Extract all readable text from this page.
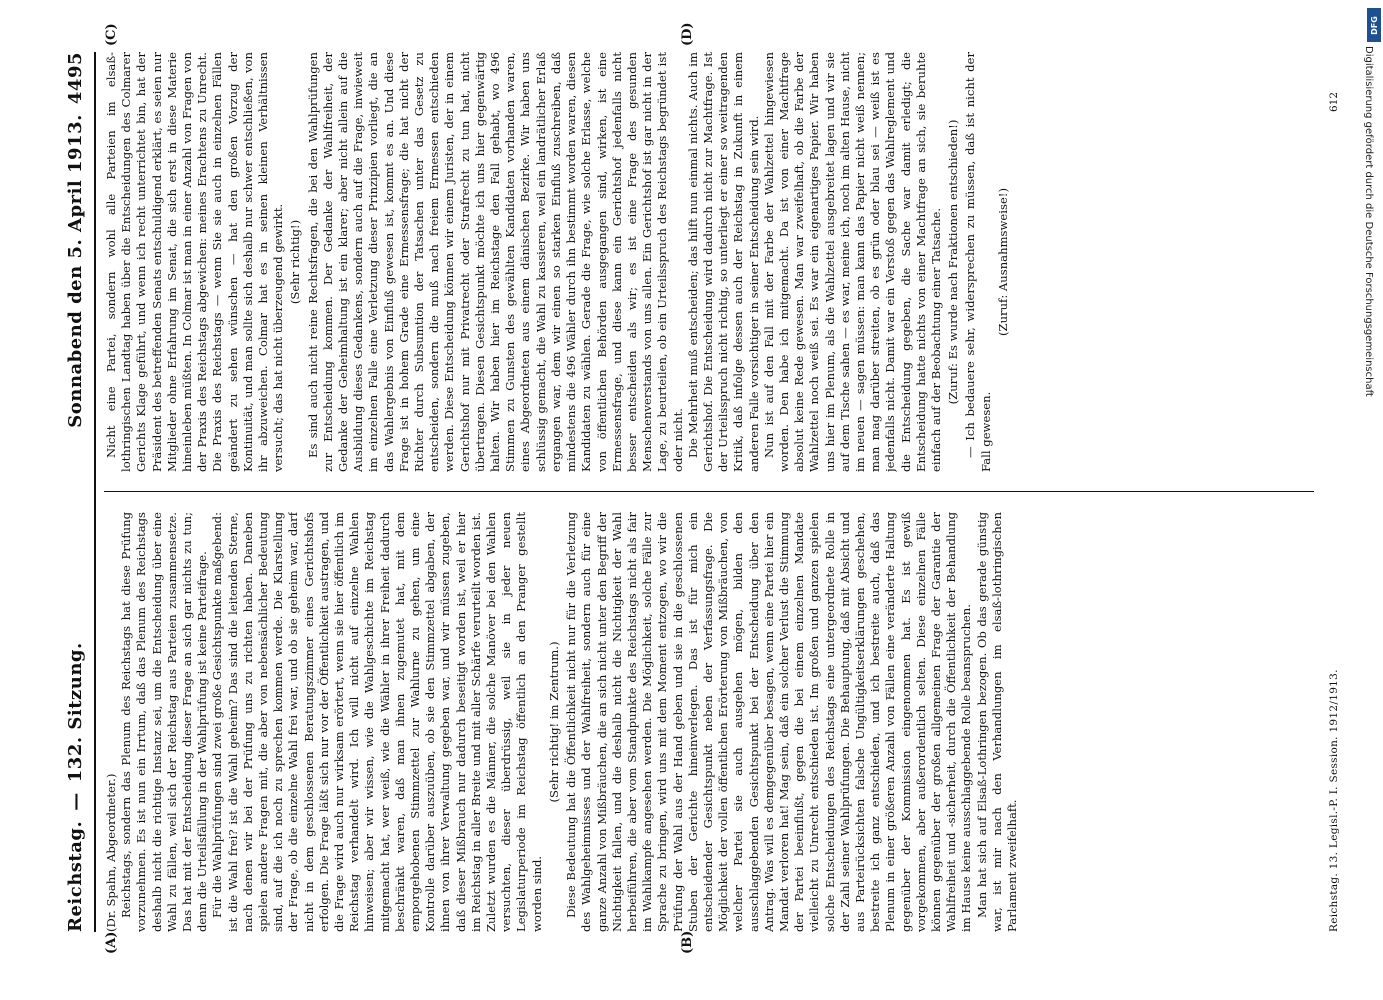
Reichstag.
—
132. Sitzung.
Sonnabend den 5. April 1913.
4495
(A)	(B)
(C)	(D)

(Dr. Spahn, Abgeordneter.) Reichstags, sondern das Plenum des Reichstags hat diese Prüfung vorzunehmen. Es ist nun ein Irrtum, daß das Plenum des Reichstags deshalb nicht die richtige Instanz sei, um die Entscheidung über eine Wahl zu fällen, weil sich der Reichstag aus Parteien zusammensetze. Das hat mit der Entscheidung dieser Frage an sich gar nichts zu tun; denn die Urteilsfällung in der Wahlprüfung ist keine Parteifrage. Für die Wahlprüfungen sind zwei große Gesichtspunkte maßgebend: ist die Wahl frei? ist die Wahl geheim? Das sind die leitenden Sterne, nach denen wir bei der Prüfung uns zu richten haben. Daneben spielen andere Fragen mit, die aber von nebensächlicher Bedeutung sind, auf die ich noch zu sprechen kommen werde. Die Klarstellung der Frage, ob die einzelne Wahl frei war, und ob sie geheim war, darf nicht in dem geschlossenen Beratungszimmer eines Gerichtshofs erfolgen. Die Frage läßt sich nur vor der Öffentlichkeit austragen, und die Frage wird auch nur wirksam erörtert, wenn sie hier öffentlich im Reichstag verhandelt wird. Ich will nicht auf einzelne Wahlen hinweisen; aber wir wissen, wie die Wahlgeschichte im Reichstag mitgemacht hat, wer weiß, wie die Wähler in ihrer Freiheit dadurch beschränkt waren, daß man ihnen zugemutet hat, mit dem emporgehobenen Stimmzettel zur Wahlurne zu gehen, um eine Kontrolle darüber auszuüben, ob sie den Stimmzettel abgaben, der ihnen von ihrer Verwaltung gegeben war, und wir müssen zugeben, daß dieser Mißbrauch nur dadurch beseitigt worden ist, weil er hier im Reichstag in aller Breite und mit aller Schärfe verurteilt worden ist. Zuletzt wurden es die Männer, die solche Manöver bei den Wahlen versuchten, dieser überdrüssig, weil sie in jeder neuen Legislaturperiode im Reichstag öffentlich an den Pranger gestellt worden sind.

(Sehr richtig! im Zentrum.) Diese Bedeutung hat die Öffentlichkeit nicht nur für die Verletzung des Wahlgeheimnisses und der Wahlfreiheit, sondern auch für eine ganze Anzahl von Mißbräuchen, die an sich nicht unter den Begriff der Nichtigkeit fallen, und die deshalb nicht die Nichtigkeit der Wahl herbeiführen, die aber vom Standpunkte des Reichstags nicht als fair im Wahlkampfe angesehen werden. Die Möglichkeit, solche Fälle zur Sprache zu bringen, wird uns mit dem Moment entzogen, wo wir die Prüfung der Wahl aus der Hand geben und sie in die geschlossenen Stuben der Gerichte hineinverlegen. Das ist für mich ein entscheidender Gesichtspunkt neben der Verfassungsfrage. Die Möglichkeit der vollen öffentlichen Erörterung von Mißbräuchen, von welcher Partei sie auch ausgehen mögen, bilden den ausschlaggebenden Gesichtspunkt bei der Entscheidung über den Antrag. Was will es demgegenüber besagen, wenn eine Partei hier ein Mandat verloren hat! Mag sein, daß ein solcher Verlust die Stimmung der Partei beeinflußt, gegen die bei einem einzelnen Mandate vielleicht zu Unrecht entschieden ist. Im großen und ganzen spielen solche Entscheidungen des Reichstags eine untergeordnete Rolle in der Zahl seiner Wahlprüfungen. Die Behauptung, daß mit Absicht und aus Parteirücksichten falsche Ungültigkeitserklärungen geschehen, bestreite ich ganz entschieden, und ich bestreite auch, daß das Plenum in einer größeren Anzahl von Fällen eine veränderte Haltung gegenüber der Kommission eingenommen hat. Es ist gewiß vorgekommen, aber außerordentlich selten. Diese einzelnen Fälle können gegenüber der großen allgemeinen Frage der Garantie der Wahlfreiheit und -sicherheit, durch die Öffentlichkeit der Behandlung im Hause keine ausschlaggebende Rolle beanspruchen. Man hat sich auf Elsaß-Lothringen bezogen. Ob das gerade günstig war, ist mir nach den Verhandlungen im elsaß-lothringischen Parlament zweifelhaft.

Nicht eine Partei, sondern wohl alle Parteien im elsaß-lothringischen Landtag haben über die Entscheidungen des Colmarer Gerichts Klage geführt, und wenn ich recht unterrichtet bin, hat der Präsident des betreffenden Senats entschuldigend erklärt, es seien nur Mitglieder ohne Erfahrung im Senat, die sich erst in diese Materie hineinleben müßten. In Colmar ist man in einer Anzahl von Fragen von der Praxis des Reichstags abgewichen: meines Erachtens zu Unrecht. Die Praxis des Reichstags — wenn Sie sie auch in einzelnen Fällen geändert zu sehen wünschen — hat den großen Vorzug der Kontinuität, und man sollte sich deshalb nur schwer entschließen, von ihr abzuweichen. Colmar hat es in seinen kleinen Verhältnissen versucht; das hat nicht überzeugend gewirkt. (Sehr richtig!) Es sind auch nicht reine Rechtsfragen, die bei den Wahlprüfungen zur Entscheidung kommen. Der Gedanke der Wahlfreiheit, der Gedanke der Geheimhaltung ist ein klarer; aber nicht allein auf die Ausbildung dieses Gedankens, sondern auch auf die Frage, inwieweit im einzelnen Falle eine Verletzung dieser Prinzipien vorliegt, die an das Wahlergebnis von Einfluß gewesen ist, kommt es an. Und diese Frage ist in hohem Grade eine Ermessensfrage; die hat nicht der Richter durch Subsumtion der Tatsachen unter das Gesetz zu entscheiden, sondern die muß nach freiem Ermessen entschieden werden. Diese Entscheidung können wir einem Juristen, der in einem Gerichtshof nur mit Privatrecht oder Strafrecht zu tun hat, nicht übertragen. Diesen Gesichtspunkt möchte ich uns hier gegenwärtig halten. Wir haben hier im Reichstage den Fall gehabt, wo 496 Stimmen zu Gunsten des gewählten Kandidaten vorhanden waren, eines Abgeordneten aus einem dänischen Bezirke. Wir haben uns schlüssig gemacht, die Wahl zu kassieren, weil ein landrätlicher Erlaß ergangen war, dem wir einen so starken Einfluß zuschreiben, daß mindestens die 496 Wähler durch ihn bestimmt worden waren, diesen Kandidaten zu wählen. Gerade die Frage, wie solche Erlasse, welche von öffentlichen Behörden ausgegangen sind, wirken, ist eine Ermessensfrage, und diese kann ein Gerichtshof jedenfalls nicht besser entscheiden als wir; es ist eine Frage des gesunden Menschenverstands von uns allen. Ein Gerichtshof ist gar nicht in der Lage, zu beurteilen, ob ein Urteilsspruch des Reichstags begründet ist oder nicht. Die Mehrheit muß entscheiden; das hilft nun einmal nichts. Auch im Gerichtshof. Die Entscheidung wird dadurch nicht zur Machtfrage. Ist der Urteilsspruch nicht richtig, so unterliegt er einer so weitragenden Kritik, daß infolge dessen auch der Reichstag in Zukunft in einem anderen Falle vorsichtiger in seiner Entscheidung sein wird. Nun ist auf den Fall mit der Farbe der Wahlzettel hingewiesen worden. Den habe ich mitgemacht. Da ist von einer Machtfrage absolut keine Rede gewesen. Man war zweifelhaft, ob die Farbe der Wahlzettel noch weiß sei. Es war ein eigenartiges Papier. Wir haben uns hier im Plenum, als die Wahlzettel ausgebreitet lagen und wir sie auf dem Tische sahen — es war, meine ich, noch im alten Hause, nicht im neuen — sagen müssen: man kann das Papier nicht weiß nennen; man mag darüber streiten, ob es grün oder blau sei — weiß ist es jedenfalls nicht. Damit war ein Verstoß gegen das Wahlreglement und die Entscheidung gegeben, die Sache war damit erledigt; die Entscheidung hatte nichts von einer Machtfrage an sich, sie beruhte einfach auf der Beobachtung einer Tatsache. (Zuruf: Es wurde nach Fraktionen entschieden!) — Ich bedauere sehr, widersprechen zu müssen, daß ist nicht der Fall gewesen.

(Zuruf: Ausnahmsweise!)

Reichstag. 13. Legisl.-P. I. Session. 1912/1913.
612
DFG
Digitalisierung gefördert durch die Deutsche Forschungsgemeinschaft
